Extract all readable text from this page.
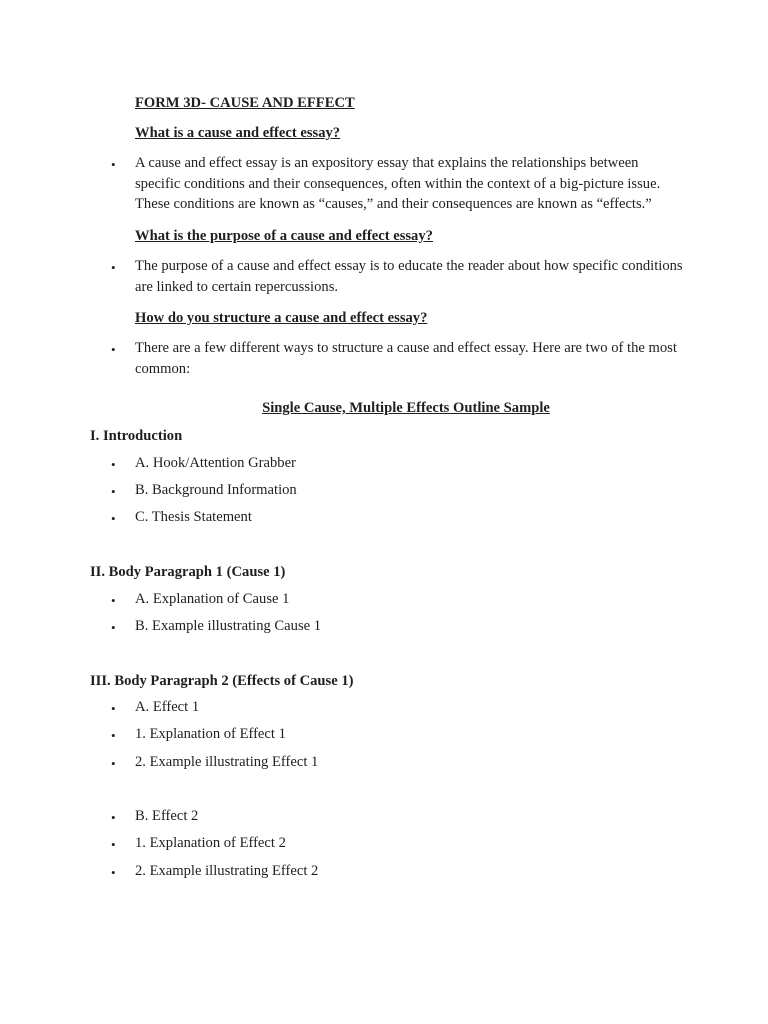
FORM 3D- CAUSE AND EFFECT
What is a cause and effect essay?
•	A cause and effect essay is an expository essay that explains the relationships between specific conditions and their consequences, often within the context of a big-picture issue. These conditions are known as “causes,” and their consequences are known as “effects.”
What is the purpose of a cause and effect essay?
•	The purpose of a cause and effect essay is to educate the reader about how specific conditions are linked to certain repercussions.
How do you structure a cause and effect essay?
•	There are a few different ways to structure a cause and effect essay. Here are two of the most common:
Single Cause, Multiple Effects Outline Sample
I. Introduction
•	A. Hook/Attention Grabber
•	B. Background Information
•	C. Thesis Statement
II. Body Paragraph 1 (Cause 1)
•	A. Explanation of Cause 1
•	B. Example illustrating Cause 1
III. Body Paragraph 2 (Effects of Cause 1)
•	A. Effect 1
•	1. Explanation of Effect 1
•	2. Example illustrating Effect 1
•	B. Effect 2
•	1. Explanation of Effect 2
•	2. Example illustrating Effect 2
